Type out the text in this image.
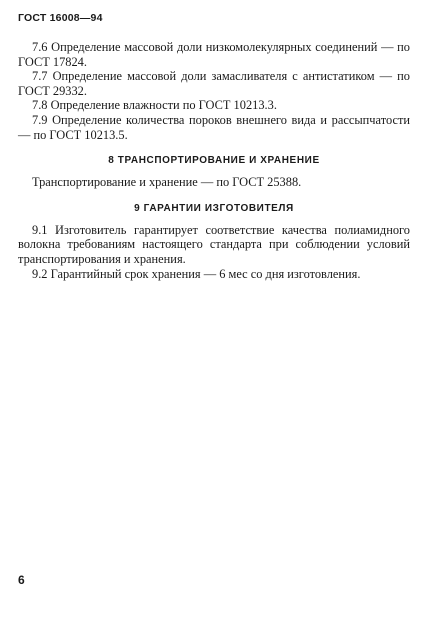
ГОСТ 16008—94

7.6 Определение массовой доли низкомолекулярных соединений — по ГОСТ 17824.

7.7 Определение массовой доли замасливателя с антистатиком — по ГОСТ 29332.

7.8 Определение влажности по ГОСТ 10213.3.

7.9 Определение количества пороков внешнего вида и рассыпчатости — по ГОСТ 10213.5.

8 ТРАНСПОРТИРОВАНИЕ И ХРАНЕНИЕ

Транспортирование и хранение — по ГОСТ 25388.

9 ГАРАНТИИ ИЗГОТОВИТЕЛЯ

9.1 Изготовитель гарантирует соответствие качества полиамидного волокна требованиям настоящего стандарта при соблюдении условий транспортирования и хранения.

9.2 Гарантийный срок хранения — 6 мес со дня изготовления.

6
